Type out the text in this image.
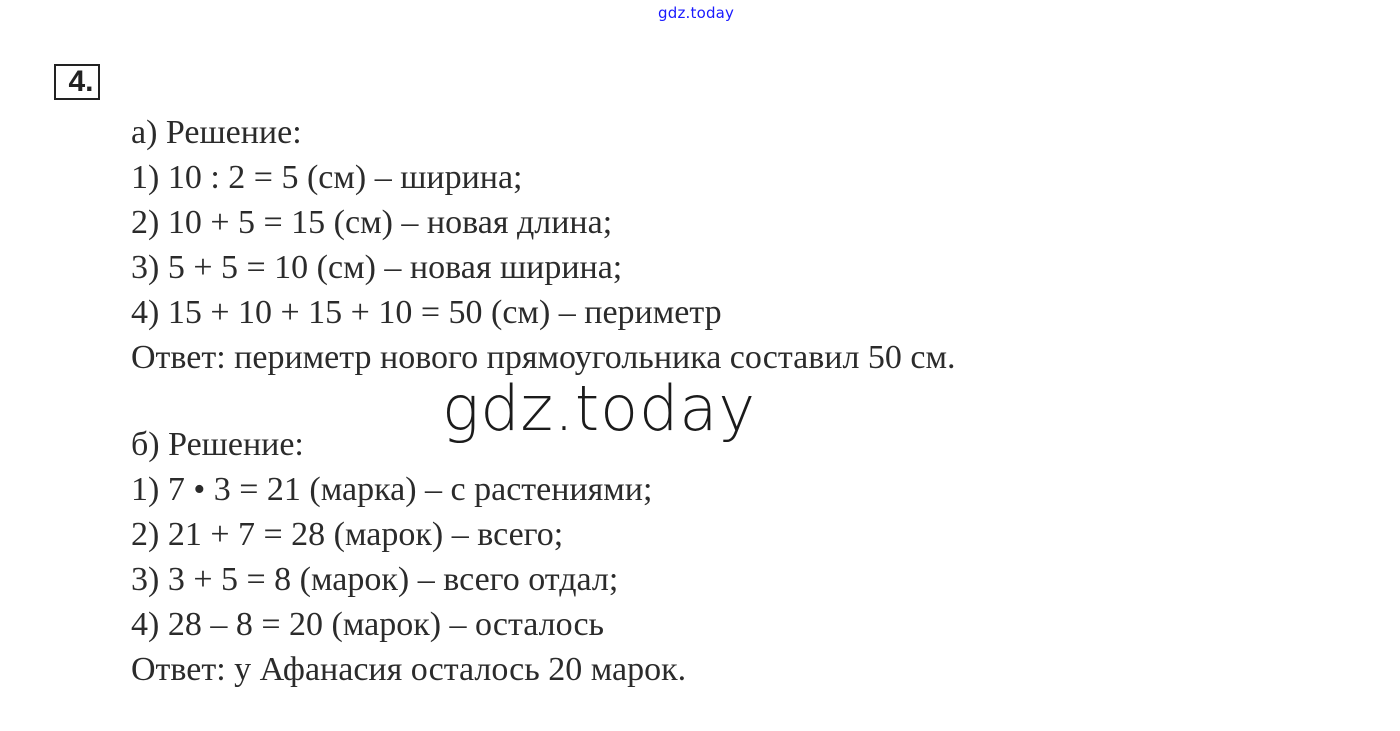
gdz.today
4.
а) Решение:
1) 10 : 2 = 5 (см) – ширина;
2) 10 + 5 = 15 (см) – новая длина;
3) 5 + 5 = 10 (см) – новая ширина;
4) 15 + 10 + 15 + 10 = 50 (см) – периметр
Ответ: периметр нового прямоугольника составил 50 см.
gdz.today
б) Решение:
1) 7 • 3 = 21 (марка) – с растениями;
2) 21 + 7 = 28 (марок) – всего;
3) 3 + 5 = 8 (марок) – всего отдал;
4) 28 – 8 = 20 (марок) – осталось
Ответ: у Афанасия осталось 20 марок.
